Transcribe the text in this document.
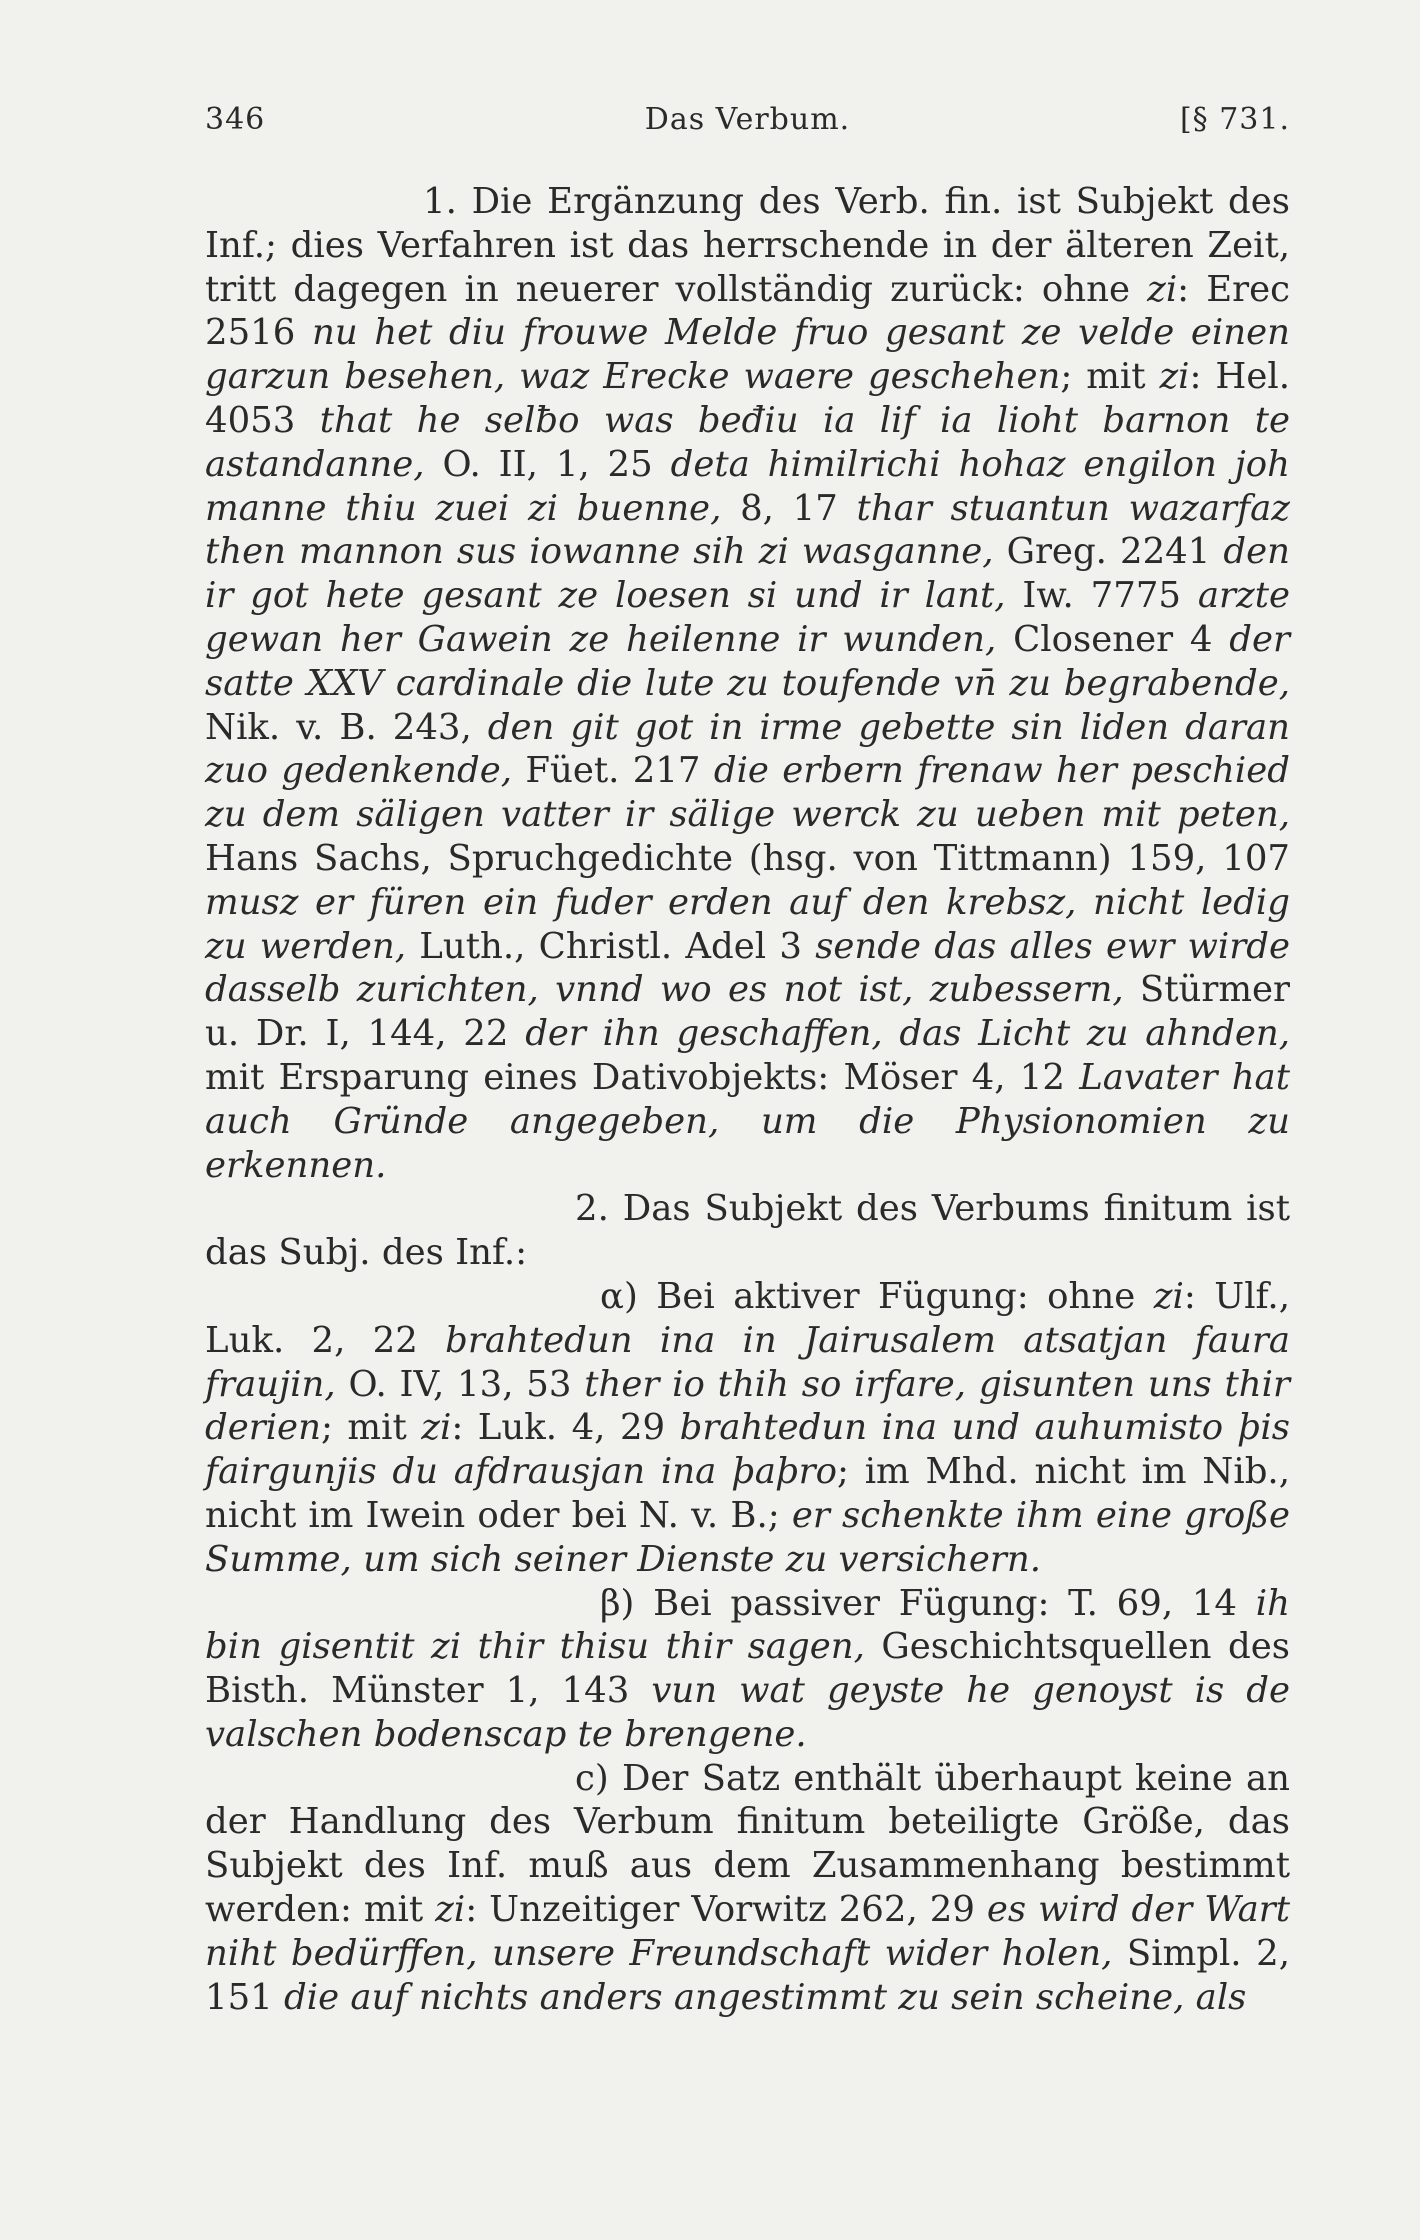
346	Das Verbum.	[§ 731.

1. Die Ergänzung des Verb. fin. ist Subjekt des Inf.; dies Verfahren ist das herrschende in der älteren Zeit, tritt dagegen in neuerer vollständig zurück: ohne zi: Erec 2516 nu het diu frouwe Melde fruo gesant ze velde einen garzun besehen, waz Erecke waere geschehen; mit zi: Hel. 4053 that he selƀo was beđiu ia lif ia lioht barnon te astandanne, O. II, 1, 25 deta himilrichi hohaz engilon joh manne thiu zuei zi buenne, 8, 17 thar stuantun wazarfaz then mannon sus iowanne sih zi wasganne, Greg. 2241 den ir got hete gesant ze loesen si und ir lant, Iw. 7775 arzte gewan her Gawein ze heilenne ir wunden, Closener 4 der satte XXV cardinale die lute zu toufende vn̄ zu begrabende, Nik. v. B. 243, den git got in irme gebette sin liden daran zuo gedenkende, Füet. 217 die erbern frenaw her peschied zu dem säligen vatter ir sälige werck zu ueben mit peten, Hans Sachs, Spruchgedichte (hsg. von Tittmann) 159, 107 musz er füren ein fuder erden auf den krebsz, nicht ledig zu werden, Luth., Christl. Adel 3 sende das alles ewr wirde dasselb zurichten, vnnd wo es not ist, zubessern, Stürmer u. Dr. I, 144, 22 der ihn geschaffen, das Licht zu ahnden, mit Ersparung eines Dativobjekts: Möser 4, 12 Lavater hat auch Gründe angegeben, um die Physionomien zu erkennen.

2. Das Subjekt des Verbums finitum ist das Subj. des Inf.:

α) Bei aktiver Fügung: ohne zi: Ulf., Luk. 2, 22 brahtedun ina in Jairusalem atsatjan faura fraujin, O. IV, 13, 53 ther io thih so irfare, gisunten uns thir derien; mit zi: Luk. 4, 29 brahtedun ina und auhumisto þis fairgunjis du afdrausjan ina þaþro; im Mhd. nicht im Nib., nicht im Iwein oder bei N. v. B.; er schenkte ihm eine große Summe, um sich seiner Dienste zu versichern.

β) Bei passiver Fügung: T. 69, 14 ih bin gisentit zi thir thisu thir sagen, Geschichtsquellen des Bisth. Münster 1, 143 vun wat geyste he genoyst is de valschen bodenscap te brengene.

c) Der Satz enthält überhaupt keine an der Handlung des Verbum finitum beteiligte Größe, das Subjekt des Inf. muß aus dem Zusammenhang bestimmt werden: mit zi: Unzeitiger Vorwitz 262, 29 es wird der Wart niht bedürffen, unsere Freundschaft wider holen, Simpl. 2, 151 die auf nichts anders angestimmt zu sein scheine, als
